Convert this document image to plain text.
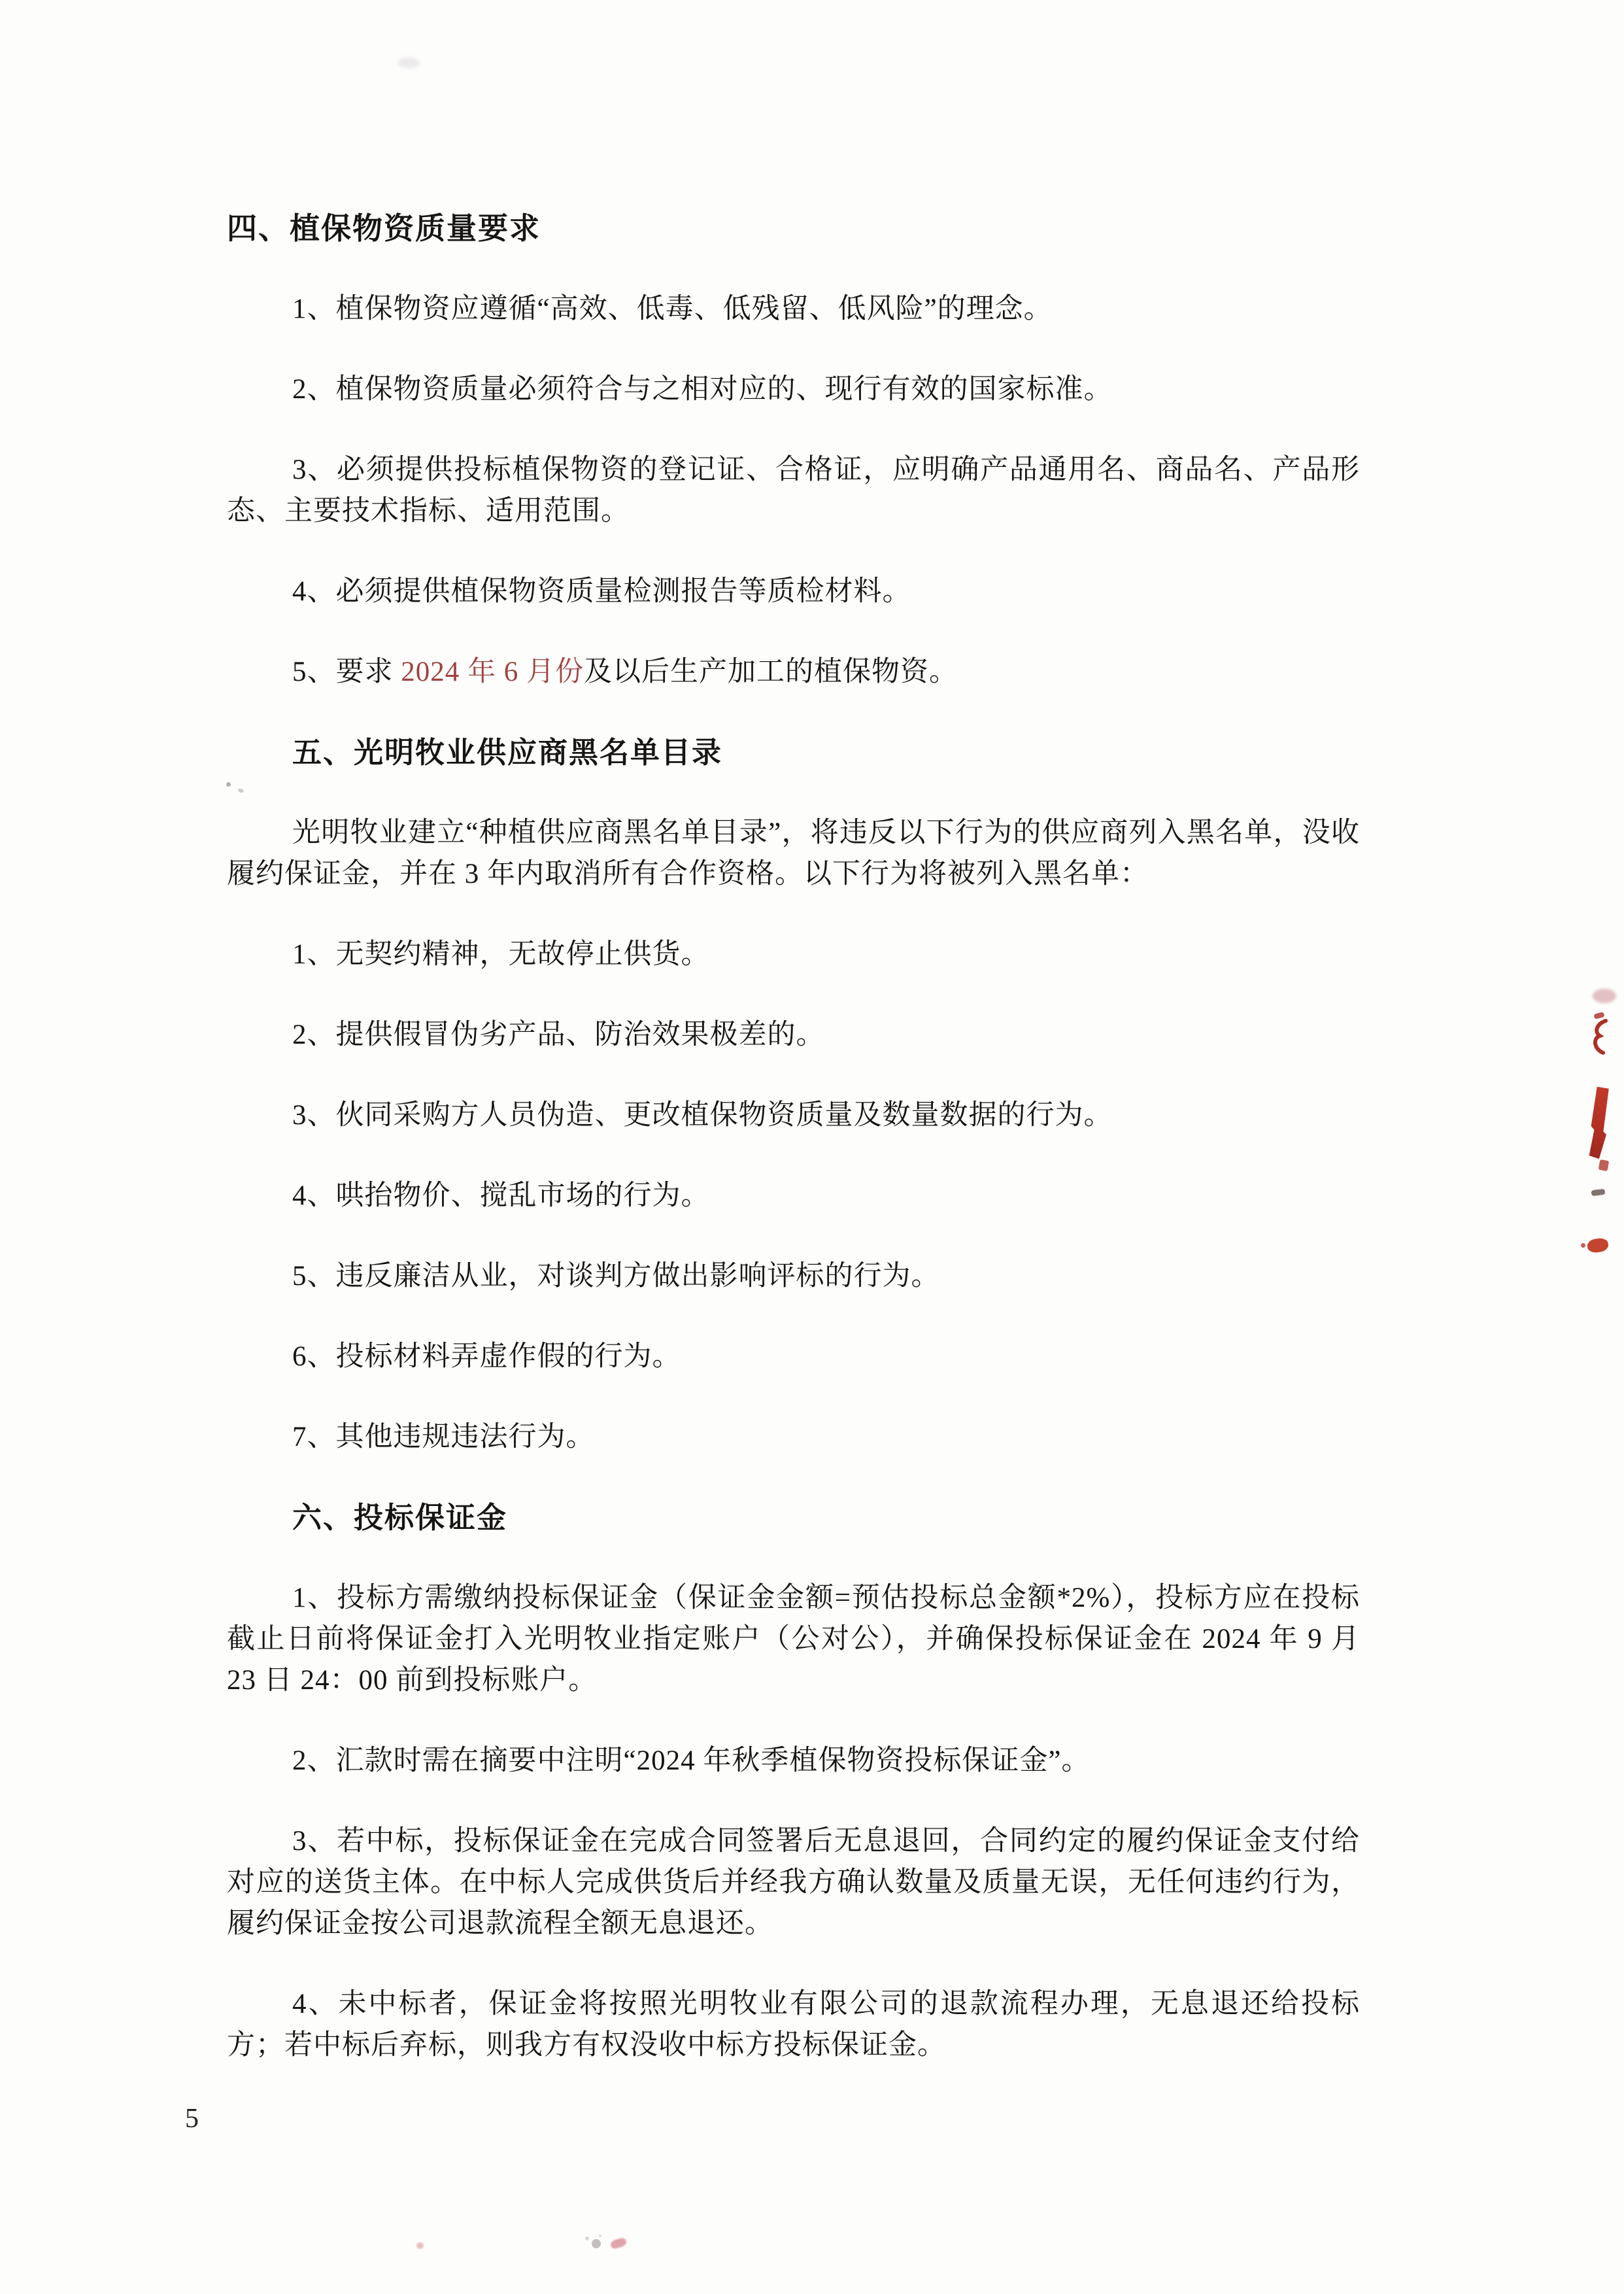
四、植保物资质量要求
1、植保物资应遵循“高效、低毒、低残留、低风险”的理念。
2、植保物资质量必须符合与之相对应的、现行有效的国家标准。
3、必须提供投标植保物资的登记证、合格证，应明确产品通用名、商品名、产品形态、主要技术指标、适用范围。
4、必须提供植保物资质量检测报告等质检材料。
5、要求 2024 年 6 月份及以后生产加工的植保物资。
五、光明牧业供应商黑名单目录
光明牧业建立“种植供应商黑名单目录”，将违反以下行为的供应商列入黑名单，没收履约保证金，并在 3 年内取消所有合作资格。以下行为将被列入黑名单：
1、无契约精神，无故停止供货。
2、提供假冒伪劣产品、防治效果极差的。
3、伙同采购方人员伪造、更改植保物资质量及数量数据的行为。
4、哄抬物价、搅乱市场的行为。
5、违反廉洁从业，对谈判方做出影响评标的行为。
6、投标材料弄虚作假的行为。
7、其他违规违法行为。
六、投标保证金
1、投标方需缴纳投标保证金（保证金金额=预估投标总金额*2%），投标方应在投标截止日前将保证金打入光明牧业指定账户（公对公），并确保投标保证金在 2024 年 9 月 23 日 24：00 前到投标账户。
2、汇款时需在摘要中注明“2024 年秋季植保物资投标保证金”。
3、若中标，投标保证金在完成合同签署后无息退回，合同约定的履约保证金支付给对应的送货主体。在中标人完成供货后并经我方确认数量及质量无误，无任何违约行为，履约保证金按公司退款流程全额无息退还。
4、未中标者，保证金将按照光明牧业有限公司的退款流程办理，无息退还给投标方；若中标后弃标，则我方有权没收中标方投标保证金。
5
